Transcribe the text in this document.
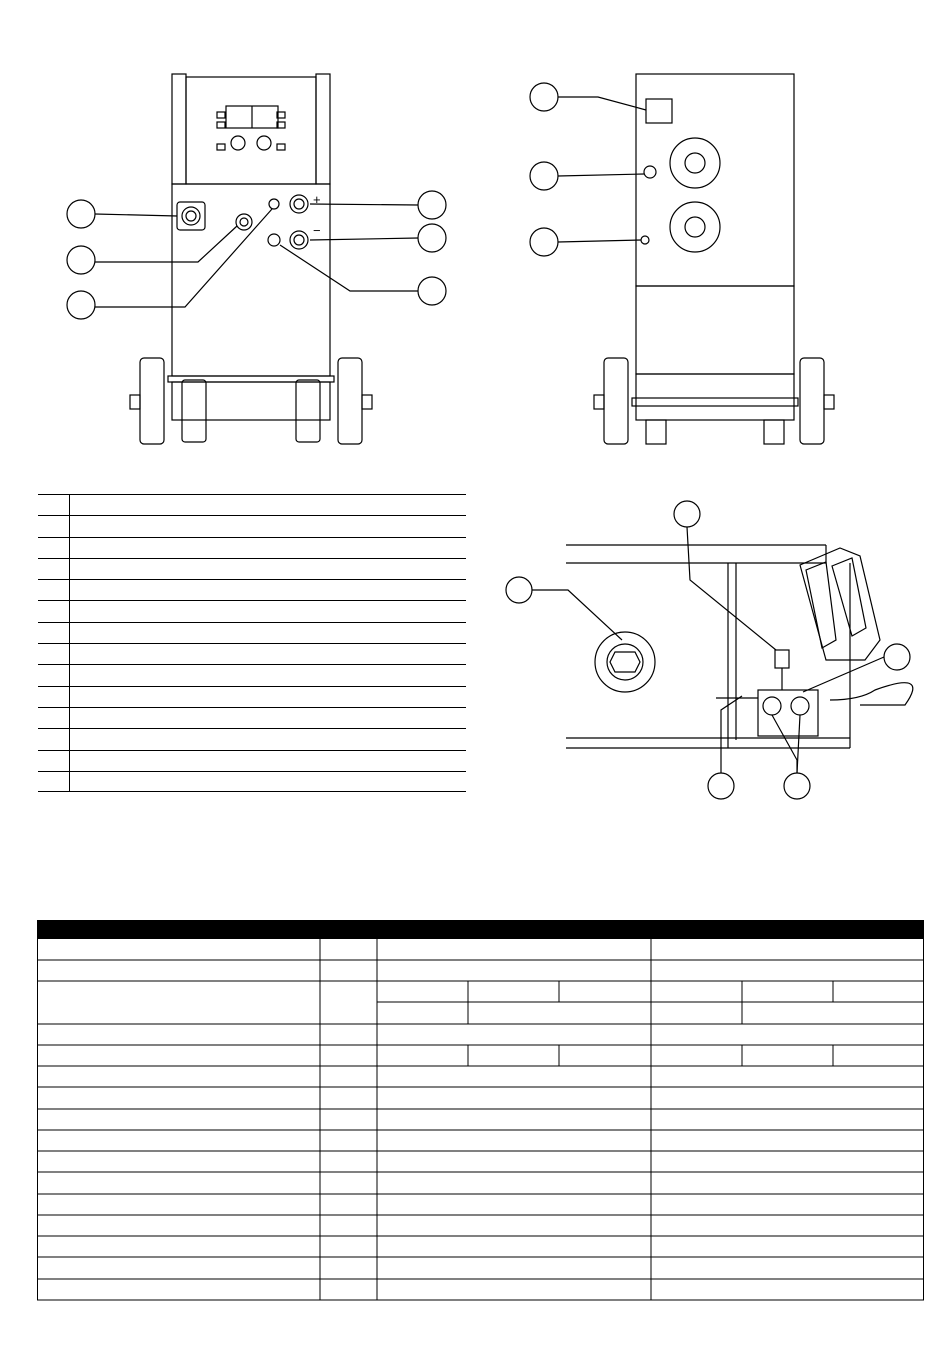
+
−
